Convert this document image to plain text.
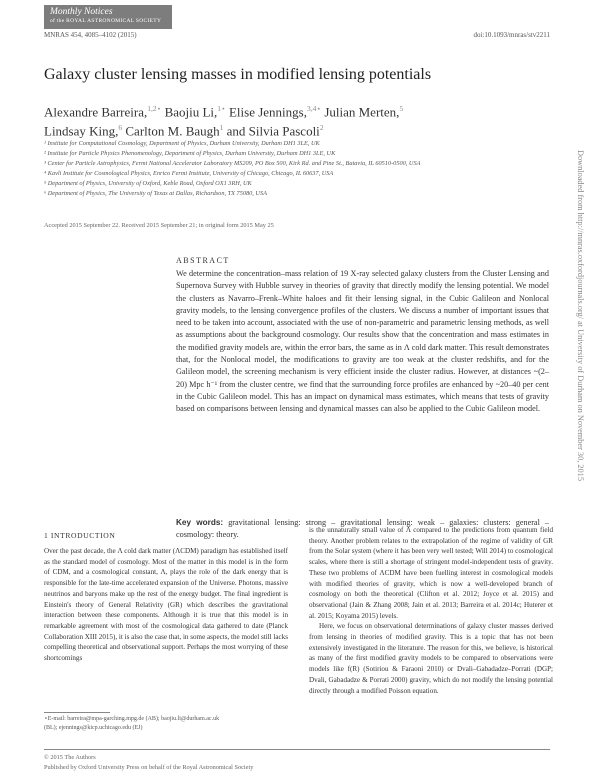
Monthly Notices
of the ROYAL ASTRONOMICAL SOCIETY
MNRAS 454, 4085–4102 (2015)	doi:10.1093/mnras/stv2211
Galaxy cluster lensing masses in modified lensing potentials
Alexandre Barreira,$^{1,2⋆}$ Baojiu Li,$^{1⋆}$ Elise Jennings,$^{3,4⋆}$ Julian Merten,$^5$
Lindsay King,$^6$ Carlton M. Baugh$^1$ and Silvia Pascoli$^2$
¹ Institute for Computational Cosmology, Department of Physics, Durham University, Durham DH1 3LE, UK
² Institute for Particle Physics Phenomenology, Department of Physics, Durham University, Durham DH1 3LE, UK
³ Center for Particle Astrophysics, Fermi National Accelerator Laboratory MS209, PO Box 500, Kirk Rd. and Pine St., Batavia, IL 60510-0500, USA
⁴ Kavli Institute for Cosmological Physics, Enrico Fermi Institute, University of Chicago, Chicago, IL 60637, USA
⁵ Department of Physics, University of Oxford, Keble Road, Oxford OX1 3RH, UK
⁶ Department of Physics, The University of Texas at Dallas, Richardson, TX 75080, USA
Accepted 2015 September 22. Received 2015 September 21; in original form 2015 May 25
ABSTRACT
We determine the concentration–mass relation of 19 X-ray selected galaxy clusters from the Cluster Lensing and Supernova Survey with Hubble survey in theories of gravity that directly modify the lensing potential. We model the clusters as Navarro–Frenk–White haloes and fit their lensing signal, in the Cubic Galileon and Nonlocal gravity models, to the lensing convergence profiles of the clusters. We discuss a number of important issues that need to be taken into account, associated with the use of non-parametric and parametric lensing methods, as well as assumptions about the background cosmology. Our results show that the concentration and mass estimates in the modified gravity models are, within the error bars, the same as in Λ cold dark matter. This result demonstrates that, for the Nonlocal model, the modifications to gravity are too weak at the cluster redshifts, and for the Galileon model, the screening mechanism is very efficient inside the cluster radius. However, at distances ~(2–20) Mpc h⁻¹ from the cluster centre, we find that the surrounding force profiles are enhanced by ~20–40 per cent in the Cubic Galileon model. This has an impact on dynamical mass estimates, which means that tests of gravity based on comparisons between lensing and dynamical masses can also be applied to the Cubic Galileon model.
Key words: gravitational lensing: strong – gravitational lensing: weak – galaxies: clusters: general – cosmology: theory.
1 INTRODUCTION
Over the past decade, the Λ cold dark matter (ΛCDM) paradigm has established itself as the standard model of cosmology. Most of the matter in this model is in the form of CDM, and a cosmological constant, Λ, plays the role of the dark energy that is responsible for the late-time accelerated expansion of the Universe. Photons, massive neutrinos and baryons make up the rest of the energy budget. The final ingredient is Einstein's theory of General Relativity (GR) which describes the gravitational interaction between these components. Although it is true that this model is in remarkable agreement with most of the cosmological data gathered to date (Planck Collaboration XIII 2015), it is also the case that, in some aspects, the model still lacks compelling theoretical and observational support. Perhaps the most worrying of these shortcomings
is the unnaturally small value of Λ compared to the predictions from quantum field theory. Another problem relates to the extrapolation of the regime of validity of GR from the Solar system (where it has been very well tested; Will 2014) to cosmological scales, where there is still a shortage of stringent model-independent tests of gravity. These two problems of ΛCDM have been fuelling interest in cosmological models with modified theories of gravity, which is now a well-developed branch of cosmology on both the theoretical (Clifton et al. 2012; Joyce et al. 2015) and observational (Jain & Zhang 2008; Jain et al. 2013; Barreira et al. 2014c; Huterer et al. 2015; Koyama 2015) levels.
Here, we focus on observational determinations of galaxy cluster masses derived from lensing in theories of modified gravity. This is a topic that has not been extensively investigated in the literature. The reason for this, we believe, is historical as many of the first modified gravity models to be compared to observations were models like f(R) (Sotiriou & Faraoni 2010) or Dvali–Gabadadze–Porrati (DGP; Dvali, Gabadadze & Porrati 2000) gravity, which do not modify the lensing potential directly through a modified Poisson equation.
⋆E-mail: barreira@mpa-garching.mpg.de (AB); baojiu.li@durham.ac.uk
(BL); ejennings@kicp.uchicago.edu (EJ)
© 2015 The Authors
Published by Oxford University Press on behalf of the Royal Astronomical Society
Downloaded from http://mnras.oxfordjournals.org/ at University of Durham on November 30, 2015
